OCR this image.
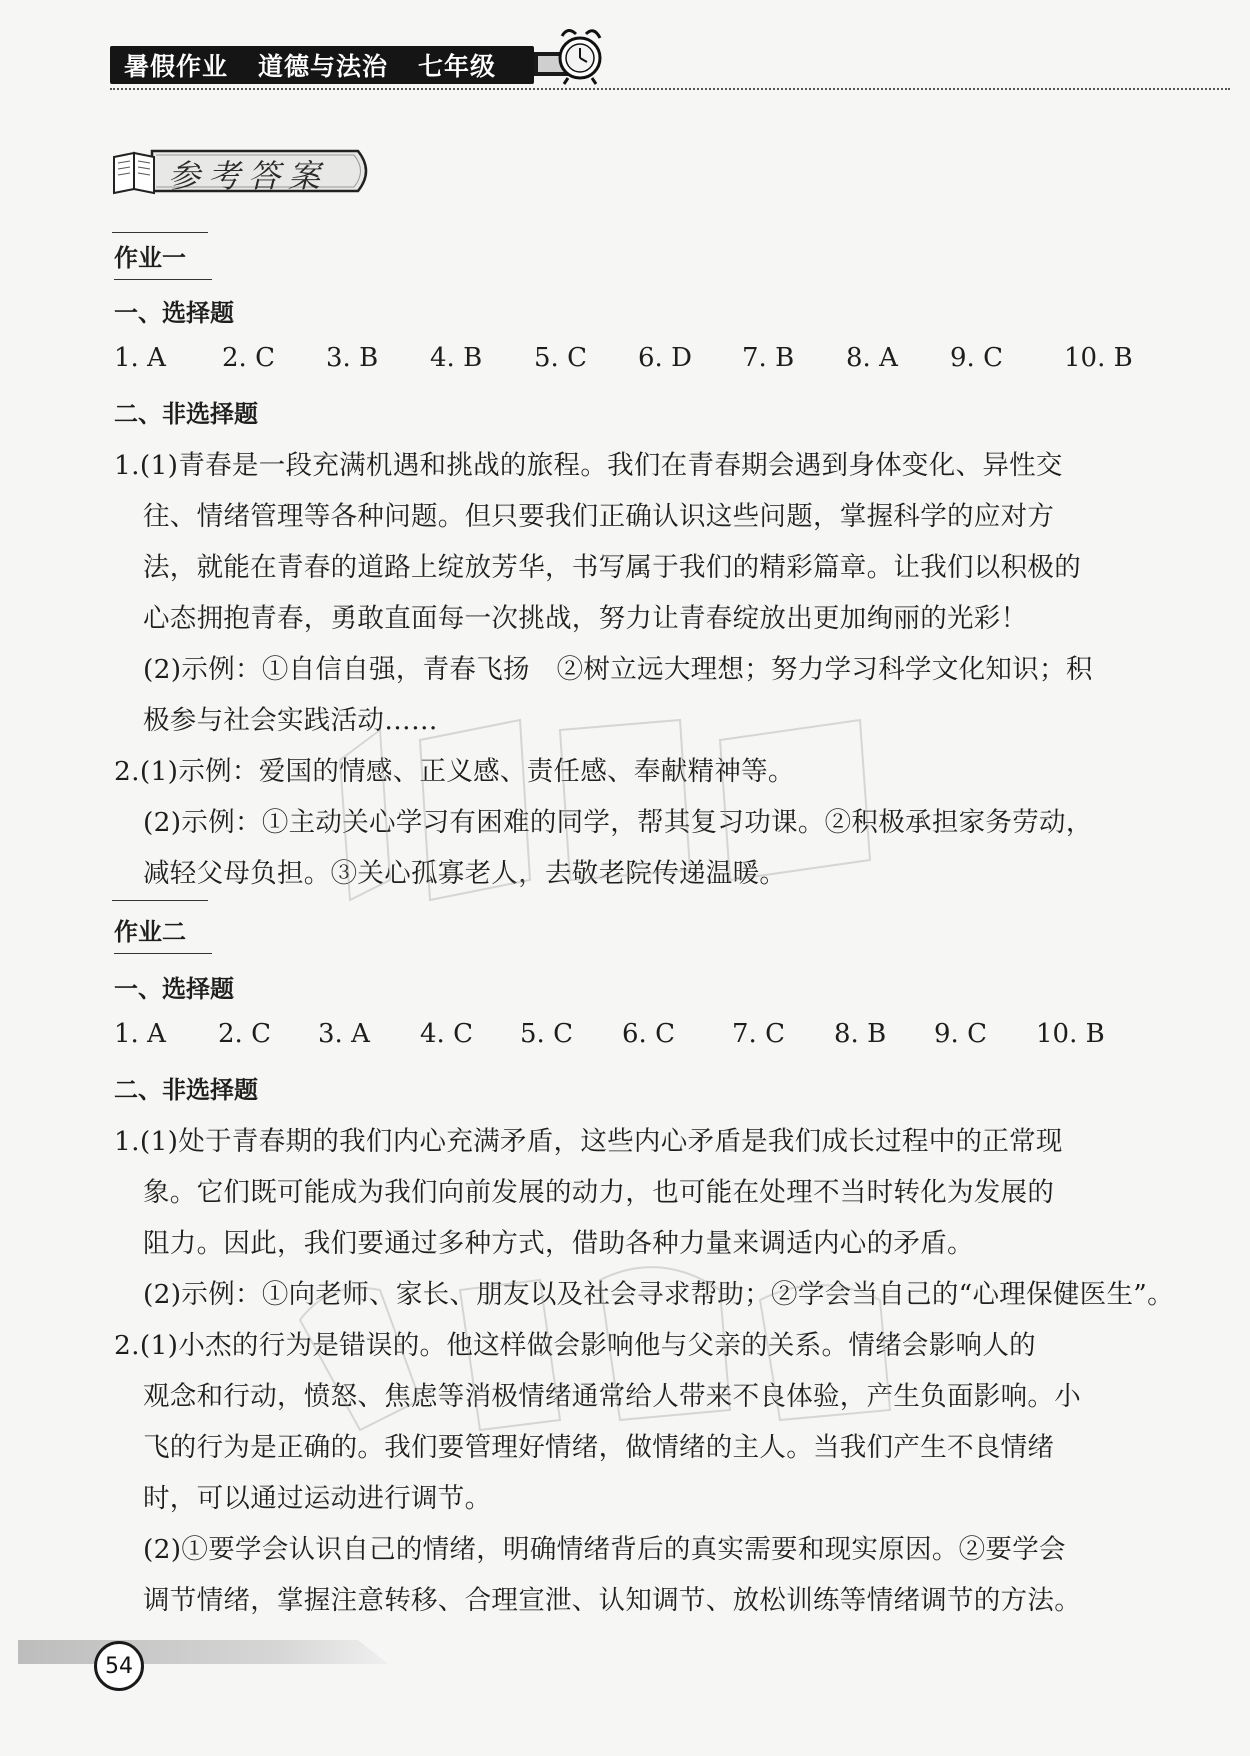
暑假作业 道德与法治 七年级
参考答案
作业一
一、选择题
1. A 2. C 3. B 4. B 5. C 6. D 7. B 8. A 9. C 10. B
二、非选择题
1.(1)青春是一段充满机遇和挑战的旅程。我们在青春期会遇到身体变化、异性交
往、情绪管理等各种问题。但只要我们正确认识这些问题，掌握科学的应对方
法，就能在青春的道路上绽放芳华，书写属于我们的精彩篇章。让我们以积极的
心态拥抱青春，勇敢直面每一次挑战，努力让青春绽放出更加绚丽的光彩！
(2)示例：①自信自强，青春飞扬　②树立远大理想；努力学习科学文化知识；积
极参与社会实践活动……
2.(1)示例：爱国的情感、正义感、责任感、奉献精神等。
(2)示例：①主动关心学习有困难的同学，帮其复习功课。②积极承担家务劳动，
减轻父母负担。③关心孤寡老人，去敬老院传递温暖。
作业二
一、选择题
1. A 2. C 3. A 4. C 5. C 6. C 7. C 8. B 9. C 10. B
二、非选择题
1.(1)处于青春期的我们内心充满矛盾，这些内心矛盾是我们成长过程中的正常现
象。它们既可能成为我们向前发展的动力，也可能在处理不当时转化为发展的
阻力。因此，我们要通过多种方式，借助各种力量来调适内心的矛盾。
(2)示例：①向老师、家长、朋友以及社会寻求帮助；②学会当自己的“心理保健医生”。
2.(1)小杰的行为是错误的。他这样做会影响他与父亲的关系。情绪会影响人的
观念和行动，愤怒、焦虑等消极情绪通常给人带来不良体验，产生负面影响。小
飞的行为是正确的。我们要管理好情绪，做情绪的主人。当我们产生不良情绪
时，可以通过运动进行调节。
(2)①要学会认识自己的情绪，明确情绪背后的真实需要和现实原因。②要学会
调节情绪，掌握注意转移、合理宣泄、认知调节、放松训练等情绪调节的方法。
54
